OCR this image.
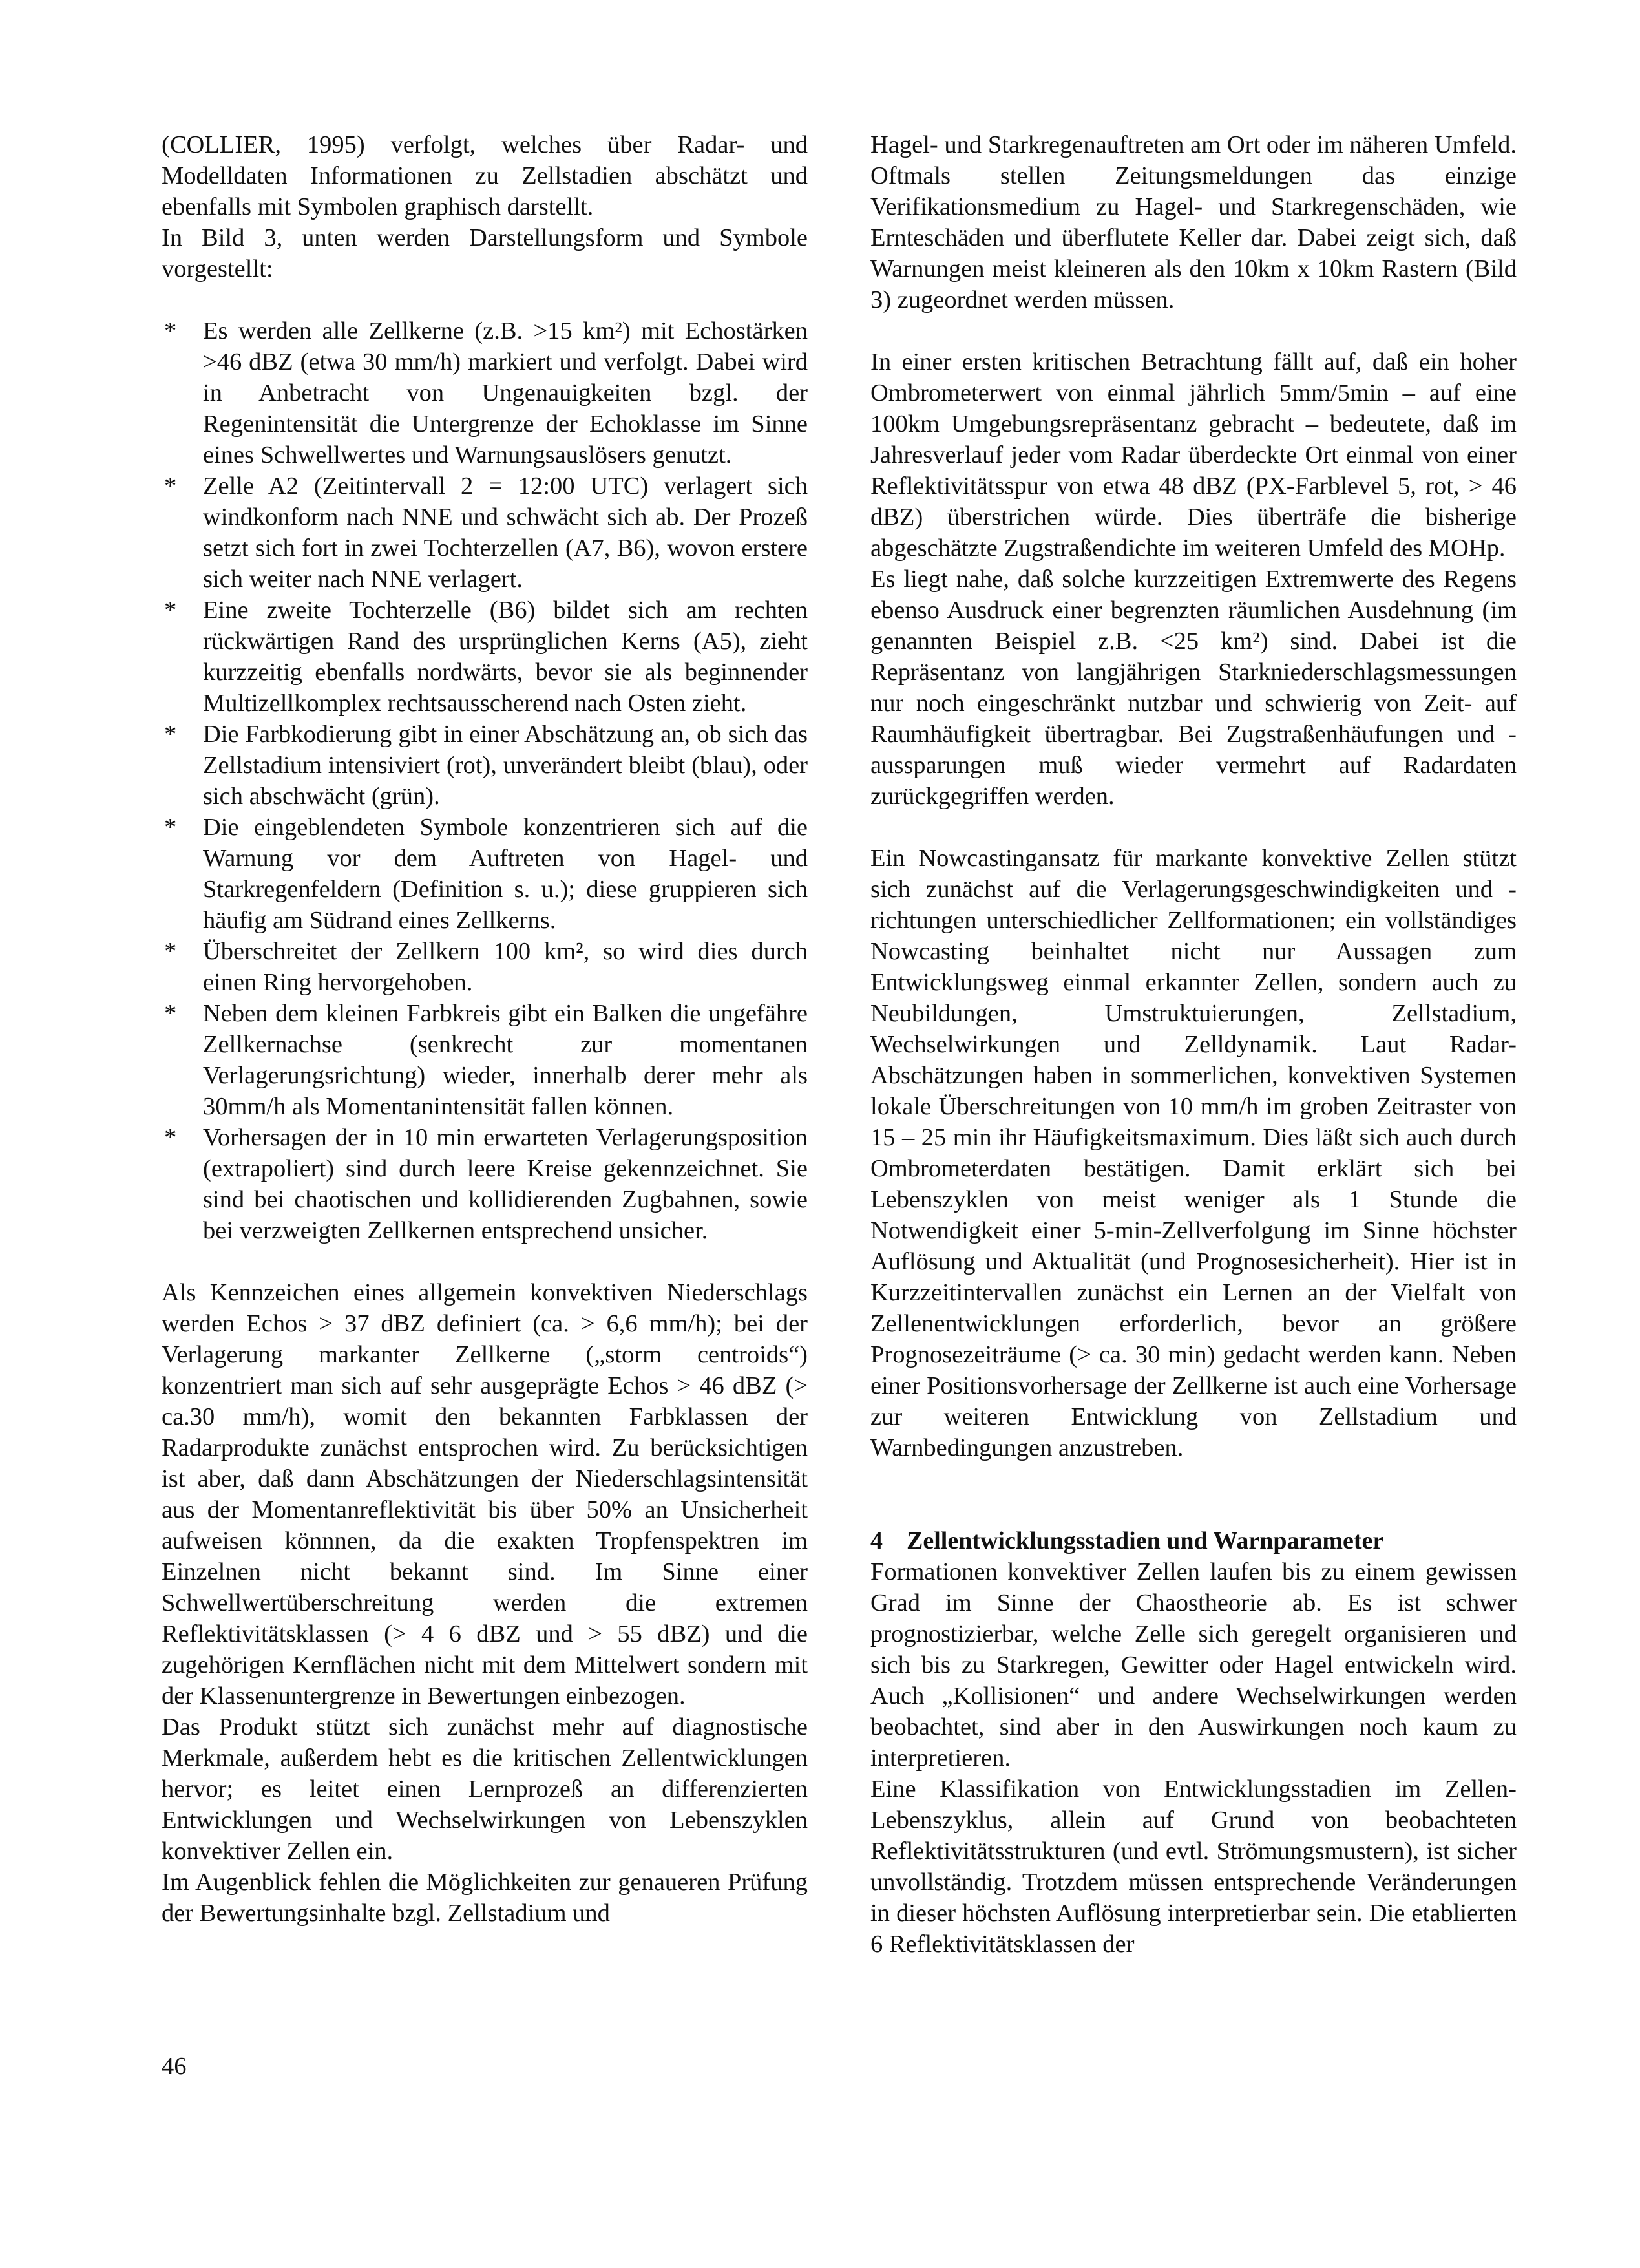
(COLLIER, 1995) verfolgt, welches über Radar- und Modelldaten Informationen zu Zellstadien abschätzt und ebenfalls mit Symbolen graphisch darstellt.

In Bild 3, unten werden Darstellungsform und Symbole vorgestellt:

* Es werden alle Zellkerne (z.B. >15 km²) mit Echostärken >46 dBZ (etwa 30 mm/h) markiert und verfolgt. Dabei wird in Anbetracht von Ungenauigkeiten bzgl. der Regenintensität die Untergrenze der Echoklasse im Sinne eines Schwellwertes und Warnungsauslösers genutzt.
* Zelle A2 (Zeitintervall 2 = 12:00 UTC) verlagert sich windkonform nach NNE und schwächt sich ab. Der Prozeß setzt sich fort in zwei Tochterzellen (A7, B6), wovon erstere sich weiter nach NNE verlagert.
* Eine zweite Tochterzelle (B6) bildet sich am rechten rückwärtigen Rand des ursprünglichen Kerns (A5), zieht kurzzeitig ebenfalls nordwärts, bevor sie als beginnender Multizellkomplex rechtsausscherend nach Osten zieht.
* Die Farbkodierung gibt in einer Abschätzung an, ob sich das Zellstadium intensiviert (rot), unverändert bleibt (blau), oder sich abschwächt (grün).
* Die eingeblendeten Symbole konzentrieren sich auf die Warnung vor dem Auftreten von Hagel- und Starkregenfeldern (Definition s. u.); diese gruppieren sich häufig am Südrand eines Zellkerns.
* Überschreitet der Zellkern 100 km², so wird dies durch einen Ring hervorgehoben.
* Neben dem kleinen Farbkreis gibt ein Balken die ungefähre Zellkernachse (senkrecht zur momentanen Verlagerungsrichtung) wieder, innerhalb derer mehr als 30mm/h als Momentanintensität fallen können.
* Vorhersagen der in 10 min erwarteten Verlagerungsposition (extrapoliert) sind durch leere Kreise gekennzeichnet. Sie sind bei chaotischen und kollidierenden Zugbahnen, sowie bei verzweigten Zellkernen entsprechend unsicher.

Als Kennzeichen eines allgemein konvektiven Niederschlags werden Echos > 37 dBZ definiert (ca. > 6,6 mm/h); bei der Verlagerung markanter Zellkerne („storm centroids“) konzentriert man sich auf sehr ausgeprägte Echos > 46 dBZ (> ca.30 mm/h), womit den bekannten Farbklassen der Radarprodukte zunächst entsprochen wird. Zu berücksichtigen ist aber, daß dann Abschätzungen der Niederschlagsintensität aus der Momentanreflektivität bis über 50% an Unsicherheit aufweisen könnnen, da die exakten Tropfenspektren im Einzelnen nicht bekannt sind. Im Sinne einer Schwellwertüberschreitung werden die extremen Reflektivitätsklassen (> 4 6 dBZ und > 55 dBZ) und die zugehörigen Kernflächen nicht mit dem Mittelwert sondern mit der Klassenuntergrenze in Bewertungen einbezogen.

Das Produkt stützt sich zunächst mehr auf diagnostische Merkmale, außerdem hebt es die kritischen Zellentwicklungen hervor; es leitet einen Lernprozeß an differenzierten Entwicklungen und Wechselwirkungen von Lebenszyklen konvektiver Zellen ein.

Im Augenblick fehlen die Möglichkeiten zur genaueren Prüfung der Bewertungsinhalte bzgl. Zellstadium und

Hagel- und Starkregenauftreten am Ort oder im näheren Umfeld. Oftmals stellen Zeitungsmeldungen das einzige Verifikationsmedium zu Hagel- und Starkregenschäden, wie Ernteschäden und überflutete Keller dar. Dabei zeigt sich, daß Warnungen meist kleineren als den 10km x 10km Rastern (Bild 3) zugeordnet werden müssen.

In einer ersten kritischen Betrachtung fällt auf, daß ein hoher Ombrometerwert von einmal jährlich 5mm/5min – auf eine 100km Umgebungsrepräsentanz gebracht – bedeutete, daß im Jahresverlauf jeder vom Radar überdeckte Ort einmal von einer Reflektivitätsspur von etwa 48 dBZ (PX-Farblevel 5, rot, > 46 dBZ) überstrichen würde. Dies überträfe die bisherige abgeschätzte Zugstraßendichte im weiteren Umfeld des MOHp.

Es liegt nahe, daß solche kurzzeitigen Extremwerte des Regens ebenso Ausdruck einer begrenzten räumlichen Ausdehnung (im genannten Beispiel z.B. <25 km²) sind. Dabei ist die Repräsentanz von langjährigen Starkniederschlagsmessungen nur noch eingeschränkt nutzbar und schwierig von Zeit- auf Raumhäufigkeit übertragbar. Bei Zugstraßenhäufungen und -aussparungen muß wieder vermehrt auf Radardaten zurückgegriffen werden.

Ein Nowcastingansatz für markante konvektive Zellen stützt sich zunächst auf die Verlagerungsgeschwindigkeiten und -richtungen unterschiedlicher Zellformationen; ein vollständiges Nowcasting beinhaltet nicht nur Aussagen zum Entwicklungsweg einmal erkannter Zellen, sondern auch zu Neubildungen, Umstruktuierungen, Zellstadium, Wechselwirkungen und Zelldynamik. Laut Radar-Abschätzungen haben in sommerlichen, konvektiven Systemen lokale Überschreitungen von 10 mm/h im groben Zeitraster von 15 – 25 min ihr Häufigkeitsmaximum. Dies läßt sich auch durch Ombrometerdaten bestätigen. Damit erklärt sich bei Lebenszyklen von meist weniger als 1 Stunde die Notwendigkeit einer 5-min-Zellverfolgung im Sinne höchster Auflösung und Aktualität (und Prognosesicherheit). Hier ist in Kurzzeitintervallen zunächst ein Lernen an der Vielfalt von Zellenentwicklungen erforderlich, bevor an größere Prognosezeiträume (> ca. 30 min) gedacht werden kann. Neben einer Positionsvorhersage der Zellkerne ist auch eine Vorhersage zur weiteren Entwicklung von Zellstadium und Warnbedingungen anzustreben.

4 Zellentwicklungsstadien und Warnparameter

Formationen konvektiver Zellen laufen bis zu einem gewissen Grad im Sinne der Chaostheorie ab. Es ist schwer prognostizierbar, welche Zelle sich geregelt organisieren und sich bis zu Starkregen, Gewitter oder Hagel entwickeln wird. Auch „Kollisionen“ und andere Wechselwirkungen werden beobachtet, sind aber in den Auswirkungen noch kaum zu interpretieren.

Eine Klassifikation von Entwicklungsstadien im Zellen-Lebenszyklus, allein auf Grund von beobachteten Reflektivitätsstrukturen (und evtl. Strömungsmustern), ist sicher unvollständig. Trotzdem müssen entsprechende Veränderungen in dieser höchsten Auflösung interpretierbar sein. Die etablierten 6 Reflektivitätsklassen der

46
